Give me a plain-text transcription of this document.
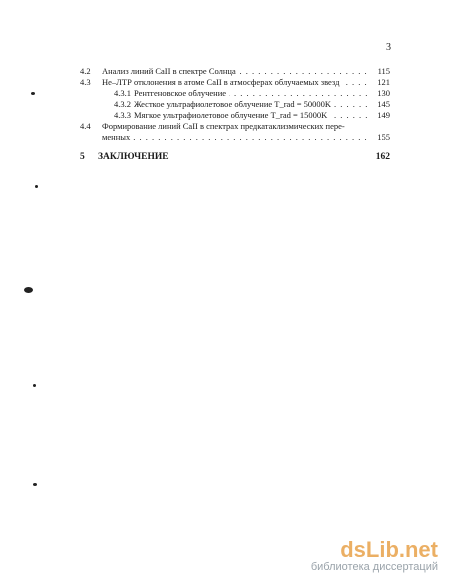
3
4.2 Анализ линий CaII в спектре Солнца . . .	115
4.3 Не–ЛТР отклонения в атоме CaII в атмосферах облучаемых звезд . . .	121
4.3.1 Рентгеновское облучение . . .	130
4.3.2 Жесткое ультрафиолетовое облучение T_rad = 50000K . . .	145
4.3.3 Мягкое ультрафиолетовое облучение T_rad = 15000K . . .	149
4.4 Формирование линий CaII в спектрах предкатаклизмических пере-
менных . . .	155
5 ЗАКЛЮЧЕНИЕ	162
dsLib.net
библиотека диссертаций
